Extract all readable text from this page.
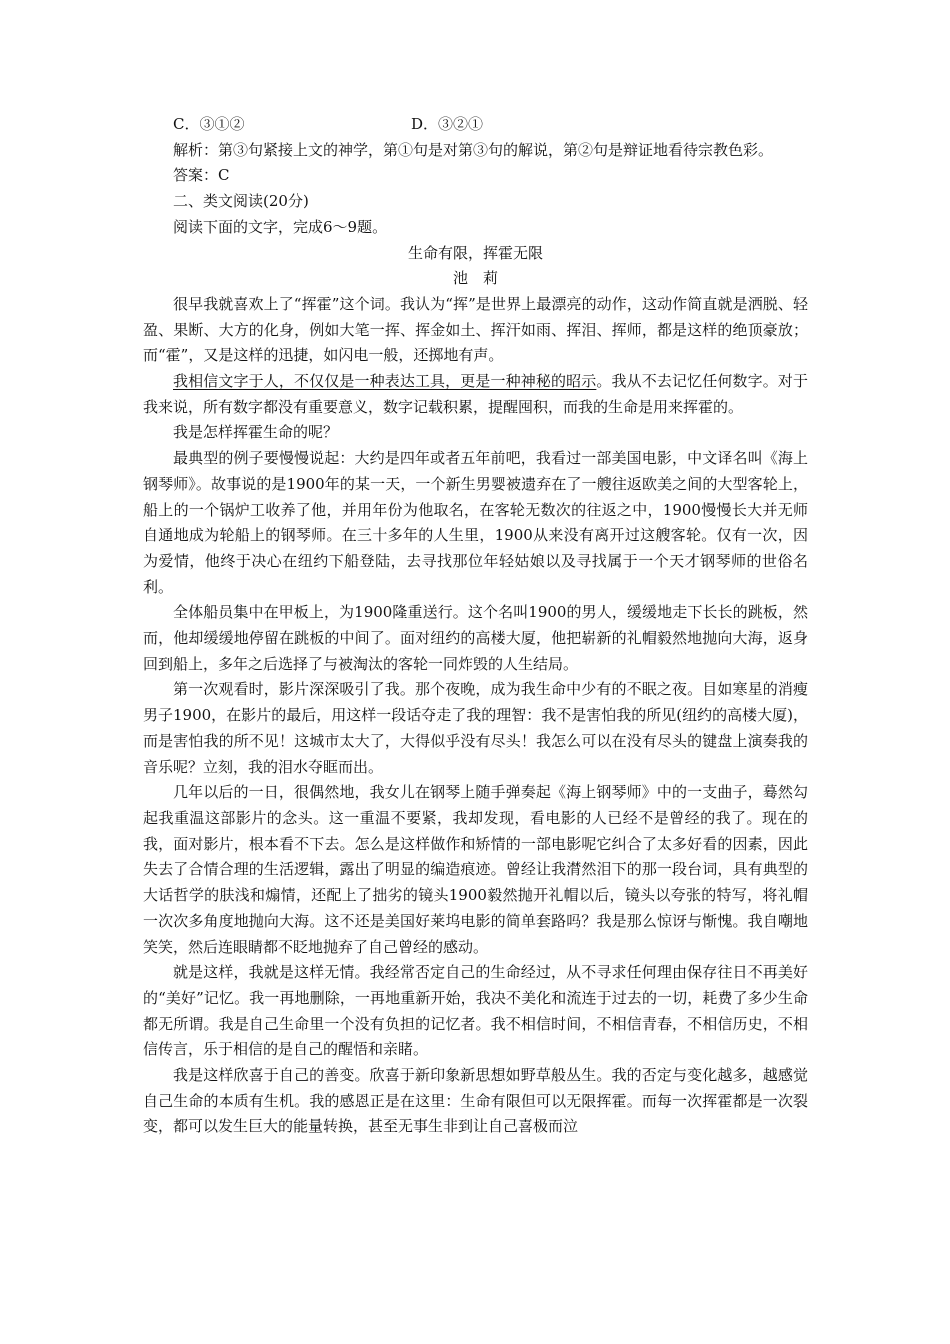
C．③①②	D．③②①

解析：第③句紧接上文的神学，第①句是对第③句的解说，第②句是辩证地看待宗教色彩。

答案：C

二、类文阅读(20分)

阅读下面的文字，完成6～9题。

生命有限，挥霍无限

池　莉

很早我就喜欢上了“挥霍”这个词。我认为“挥”是世界上最漂亮的动作，这动作简直就是洒脱、轻盈、果断、大方的化身，例如大笔一挥、挥金如土、挥汗如雨、挥泪、挥师，都是这样的绝顶豪放；而“霍”，又是这样的迅捷，如闪电一般，还掷地有声。

我相信文字于人，不仅仅是一种表达工具，更是一种神秘的昭示。我从不去记忆任何数字。对于我来说，所有数字都没有重要意义，数字记载积累，提醒囤积，而我的生命是用来挥霍的。

我是怎样挥霍生命的呢？

最典型的例子要慢慢说起：大约是四年或者五年前吧，我看过一部美国电影，中文译名叫《海上钢琴师》。故事说的是1900年的某一天，一个新生男婴被遗弃在了一艘往返欧美之间的大型客轮上，船上的一个锅炉工收养了他，并用年份为他取名，在客轮无数次的往返之中，1900慢慢长大并无师自通地成为轮船上的钢琴师。在三十多年的人生里，1900从来没有离开过这艘客轮。仅有一次，因为爱情，他终于决心在纽约下船登陆，去寻找那位年轻姑娘以及寻找属于一个天才钢琴师的世俗名利。

全体船员集中在甲板上，为1900隆重送行。这个名叫1900的男人，缓缓地走下长长的跳板，然而，他却缓缓地停留在跳板的中间了。面对纽约的高楼大厦，他把崭新的礼帽毅然地抛向大海，返身回到船上，多年之后选择了与被淘汰的客轮一同炸毁的人生结局。

第一次观看时，影片深深吸引了我。那个夜晚，成为我生命中少有的不眠之夜。目如寒星的消瘦男子1900，在影片的最后，用这样一段话夺走了我的理智：我不是害怕我的所见(纽约的高楼大厦)，而是害怕我的所不见！这城市太大了，大得似乎没有尽头！我怎么可以在没有尽头的键盘上演奏我的音乐呢？立刻，我的泪水夺眶而出。

几年以后的一日，很偶然地，我女儿在钢琴上随手弹奏起《海上钢琴师》中的一支曲子，蓦然勾起我重温这部影片的念头。这一重温不要紧，我却发现，看电影的人已经不是曾经的我了。现在的我，面对影片，根本看不下去。怎么是这样做作和矫情的一部电影呢它纠合了太多好看的因素，因此失去了合情合理的生活逻辑，露出了明显的编造痕迹。曾经让我潸然泪下的那一段台词，具有典型的大话哲学的肤浅和煽情，还配上了拙劣的镜头1900毅然抛开礼帽以后，镜头以夸张的特写，将礼帽一次次多角度地抛向大海。这不还是美国好莱坞电影的简单套路吗？我是那么惊讶与惭愧。我自嘲地笑笑，然后连眼睛都不眨地抛弃了自己曾经的感动。

就是这样，我就是这样无情。我经常否定自己的生命经过，从不寻求任何理由保存往日不再美好的“美好”记忆。我一再地删除，一再地重新开始，我决不美化和流连于过去的一切，耗费了多少生命都无所谓。我是自己生命里一个没有负担的记忆者。我不相信时间，不相信青春，不相信历史，不相信传言，乐于相信的是自己的醒悟和亲睹。

我是这样欣喜于自己的善变。欣喜于新印象新思想如野草般丛生。我的否定与变化越多，越感觉自己生命的本质有生机。我的感恩正是在这里：生命有限但可以无限挥霍。而每一次挥霍都是一次裂变，都可以发生巨大的能量转换，甚至无事生非到让自己喜极而泣
